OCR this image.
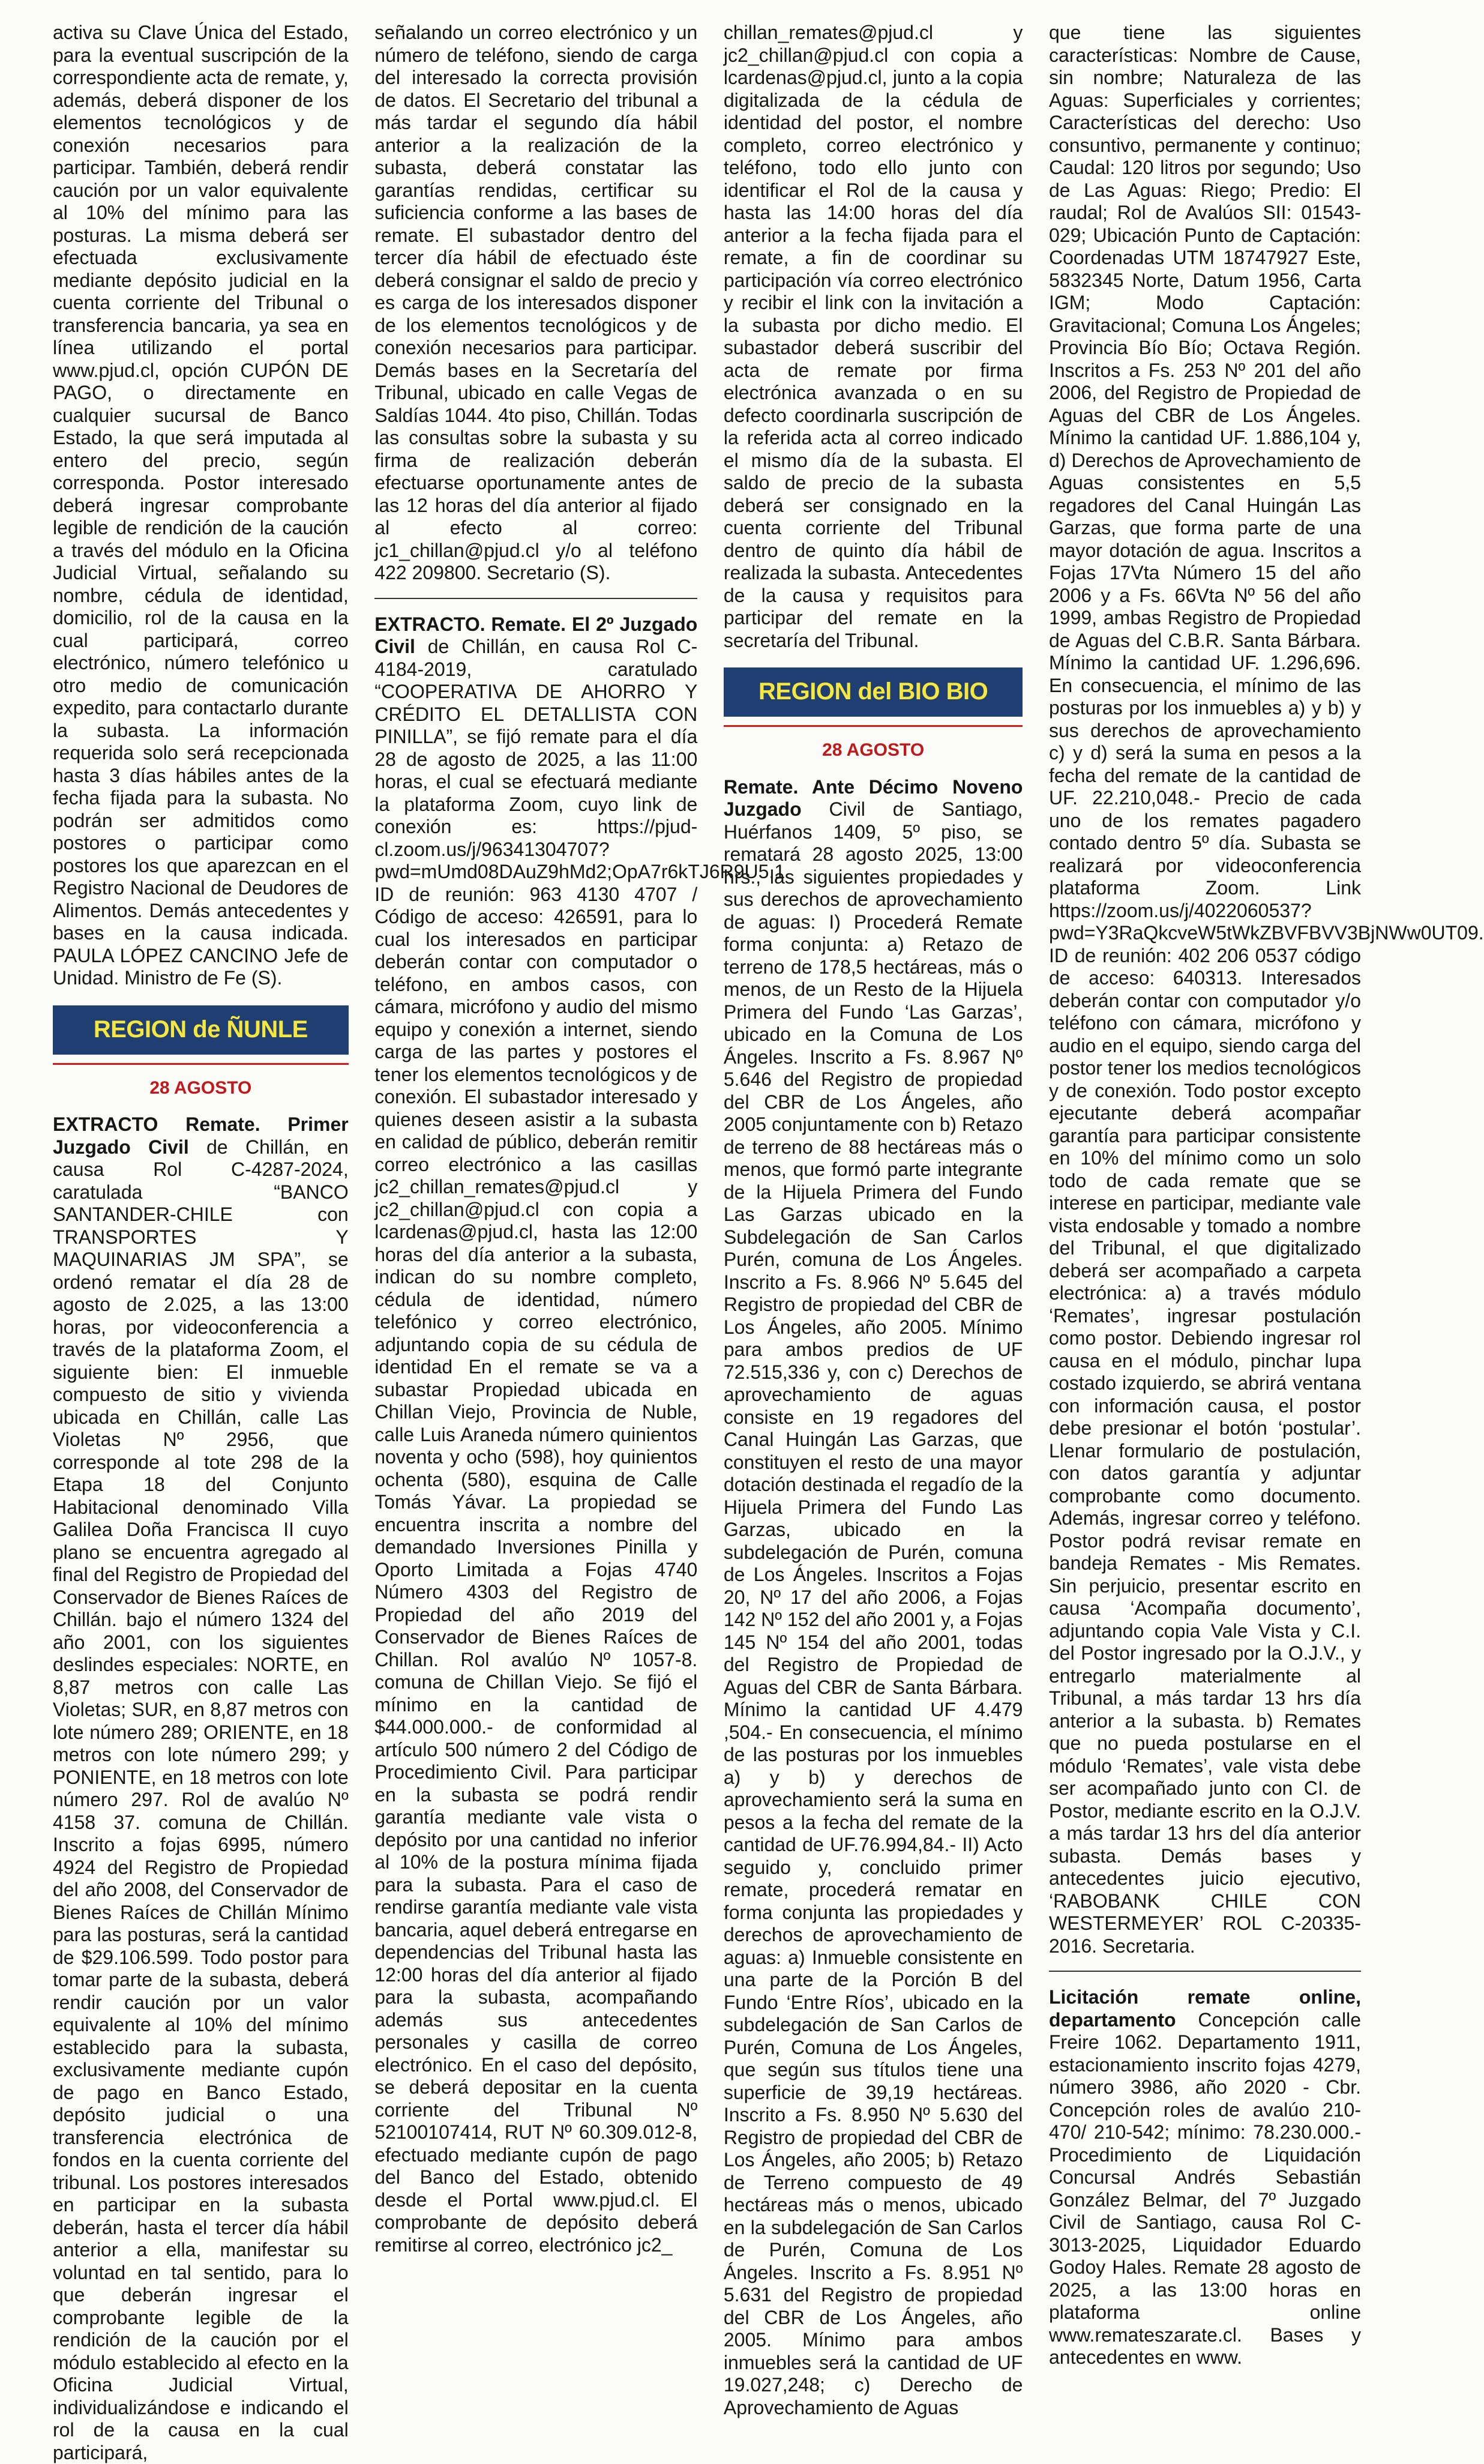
activa su Clave Única del Estado, para la eventual suscripción de la correspondiente acta de remate, y, además, deberá disponer de los elementos tecnológicos y de conexión necesarios para participar. También, deberá rendir caución por un valor equivalente al 10% del mínimo para las posturas. La misma deberá ser efectuada exclusivamente mediante depósito judicial en la cuenta corriente del Tribunal o transferencia bancaria, ya sea en línea utilizando el portal www.pjud.cl, opción CUPÓN DE PAGO, o directamente en cualquier sucursal de Banco Estado, la que será imputada al entero del precio, según corresponda. Postor interesado deberá ingresar comprobante legible de rendición de la caución a través del módulo en la Oficina Judicial Virtual, señalando su nombre, cédula de identidad, domicilio, rol de la causa en la cual participará, correo electrónico, número telefónico u otro medio de comunicación expedito, para contactarlo durante la subasta. La información requerida solo será recepcionada hasta 3 días hábiles antes de la fecha fijada para la subasta. No podrán ser admitidos como postores o participar como postores los que aparezcan en el Registro Nacional de Deudores de Alimentos. Demás antecedentes y bases en la causa indicada. PAULA LÓPEZ CANCINO Jefe de Unidad. Ministro de Fe (S).

REGION de ÑUNLE
28 AGOSTO

EXTRACTO Remate. Primer Juzgado Civil de Chillán, en causa Rol C-4287-2024, caratulada “BANCO SANTANDER-CHILE con TRANSPORTES Y MAQUINARIAS JM SPA”, se ordenó rematar el día 28 de agosto de 2.025, a las 13:00 horas, por videoconferencia a través de la plataforma Zoom, el siguiente bien: El inmueble compuesto de sitio y vivienda ubicada en Chillán, calle Las Violetas Nº 2956, que corresponde al tote 298 de la Etapa 18 del Conjunto Habitacional denominado Villa Galilea Doña Francisca II cuyo plano se encuentra agregado al final del Registro de Propiedad del Conservador de Bienes Raíces de Chillán. bajo el número 1324 del año 2001, con los siguientes deslindes especiales: NORTE, en 8,87 metros con calle Las Violetas; SUR, en 8,87 metros con lote número 289; ORIENTE, en 18 metros con lote número 299; y PONIENTE, en 18 metros con lote número 297. Rol de avalúo Nº 4158 37. comuna de Chillán. Inscrito a fojas 6995, número 4924 del Registro de Propiedad del año 2008, del Conservador de Bienes Raíces de Chillán Mínimo para las posturas, será la cantidad de $29.106.599. Todo postor para tomar parte de la subasta, deberá rendir caución por un valor equivalente al 10% del mínimo establecido para la subasta, exclusivamente mediante cupón de pago en Banco Estado, depósito judicial o una transferencia electrónica de fondos en la cuenta corriente del tribunal. Los postores interesados en participar en la subasta deberán, hasta el tercer día hábil anterior a ella, manifestar su voluntad en tal sentido, para lo que deberán ingresar el comprobante legible de la rendición de la caución por el módulo establecido al efecto en la Oficina Judicial Virtual, individualizándose e indicando el rol de la causa en la cual participará,

señalando un correo electrónico y un número de teléfono, siendo de carga del interesado la correcta provisión de datos. El Secretario del tribunal a más tardar el segundo día hábil anterior a la realización de la subasta, deberá constatar las garantías rendidas, certificar su suficiencia conforme a las bases de remate. El subastador dentro del tercer día hábil de efectuado éste deberá consignar el saldo de precio y es carga de los interesados disponer de los elementos tecnológicos y de conexión necesarios para participar. Demás bases en la Secretaría del Tribunal, ubicado en calle Vegas de Saldías 1044. 4to piso, Chillán. Todas las consultas sobre la subasta y su firma de realización deberán efectuarse oportunamente antes de las 12 horas del día anterior al fijado al efecto al correo: jc1_chillan@pjud.cl y/o al teléfono 422 209800. Secretario (S).

EXTRACTO. Remate. El 2º Juzgado Civil de Chillán, en causa Rol C-4184-2019, caratulado “COOPERATIVA DE AHORRO Y CRÉDITO EL DETALLISTA CON PINILLA”, se fijó remate para el día 28 de agosto de 2025, a las 11:00 horas, el cual se efectuará mediante la plataforma Zoom, cuyo link de conexión es: https://pjud-cl.zoom.us/j/96341304707?pwd=mUmd08DAuZ9hMd2;OpA7r6kTJ6R9U5.1 ID de reunión: 963 4130 4707 / Código de acceso: 426591, para lo cual los interesados en participar deberán contar con computador o teléfono, en ambos casos, con cámara, micrófono y audio del mismo equipo y conexión a internet, siendo carga de las partes y postores el tener los elementos tecnológicos y de conexión. El subastador interesado y quienes deseen asistir a la subasta en calidad de público, deberán remitir correo electrónico a las casillas jc2_chillan_remates@pjud.cl y jc2_chillan@pjud.cl con copia a lcardenas@pjud.cl, hasta las 12:00 horas del día anterior a la subasta, indican do su nombre completo, cédula de identidad, número telefónico y correo electrónico, adjuntando copia de su cédula de identidad En el remate se va a subastar Propiedad ubicada en Chillan Viejo, Provincia de Nuble, calle Luis Araneda número quinientos noventa y ocho (598), hoy quinientos ochenta (580), esquina de Calle Tomás Yávar. La propiedad se encuentra inscrita a nombre del demandado Inversiones Pinilla y Oporto Limitada a Fojas 4740 Número 4303 del Registro de Propiedad del año 2019 del Conservador de Bienes Raíces de Chillan. Rol avalúo Nº 1057-8. comuna de Chillan Viejo. Se fijó el mínimo en la cantidad de $44.000.000.- de conformidad al artículo 500 número 2 del Código de Procedimiento Civil. Para participar en la subasta se podrá rendir garantía mediante vale vista o depósito por una cantidad no inferior al 10% de la postura mínima fijada para la subasta. Para el caso de rendirse garantía mediante vale vista bancaria, aquel deberá entregarse en dependencias del Tribunal hasta las 12:00 horas del día anterior al fijado para la subasta, acompañando además sus antecedentes personales y casilla de correo electrónico. En el caso del depósito, se deberá depositar en la cuenta corriente del Tribunal Nº 52100107414, RUT Nº 60.309.012-8, efectuado mediante cupón de pago del Banco del Estado, obtenido desde el Portal www.pjud.cl. El comprobante de depósito deberá remitirse al correo, electrónico jc2_

chillan_remates@pjud.cl y jc2_chillan@pjud.cl con copia a lcardenas@pjud.cl, junto a la copia digitalizada de la cédula de identidad del postor, el nombre completo, correo electrónico y teléfono, todo ello junto con identificar el Rol de la causa y hasta las 14:00 horas del día anterior a la fecha fijada para el remate, a fin de coordinar su participación vía correo electrónico y recibir el link con la invitación a la subasta por dicho medio. El subastador deberá suscribir del acta de remate por firma electrónica avanzada o en su defecto coordinarla suscripción de la referida acta al correo indicado el mismo día de la subasta. El saldo de precio de la subasta deberá ser consignado en la cuenta corriente del Tribunal dentro de quinto día hábil de realizada la subasta. Antecedentes de la causa y requisitos para participar del remate en la secretaría del Tribunal.

REGION del BIO BIO
28 AGOSTO

Remate. Ante Décimo Noveno Juzgado Civil de Santiago, Huérfanos 1409, 5º piso, se rematará 28 agosto 2025, 13:00 hrs., las siguientes propiedades y sus derechos de aprovechamiento de aguas: I) Procederá Remate forma conjunta: a) Retazo de terreno de 178,5 hectáreas, más o menos, de un Resto de la Hijuela Primera del Fundo ‘Las Garzas’, ubicado en la Comuna de Los Ángeles. Inscrito a Fs. 8.967 Nº 5.646 del Registro de propiedad del CBR de Los Ángeles, año 2005 conjuntamente con b) Retazo de terreno de 88 hectáreas más o menos, que formó parte integrante de la Hijuela Primera del Fundo Las Garzas ubicado en la Subdelegación de San Carlos Purén, comuna de Los Ángeles. Inscrito a Fs. 8.966 Nº 5.645 del Registro de propiedad del CBR de Los Ángeles, año 2005. Mínimo para ambos predios de UF 72.515,336 y, con c) Derechos de aprovechamiento de aguas consiste en 19 regadores del Canal Huingán Las Garzas, que constituyen el resto de una mayor dotación destinada el regadío de la Hijuela Primera del Fundo Las Garzas, ubicado en la subdelegación de Purén, comuna de Los Ángeles. Inscritos a Fojas 20, Nº 17 del año 2006, a Fojas 142 Nº 152 del año 2001 y, a Fojas 145 Nº 154 del año 2001, todas del Registro de Propiedad de Aguas del CBR de Santa Bárbara. Mínimo la cantidad UF 4.479 ,504.- En consecuencia, el mínimo de las posturas por los inmuebles a) y b) y derechos de aprovechamiento será la suma en pesos a la fecha del remate de la cantidad de UF.76.994,84.- II) Acto seguido y, concluido primer remate, procederá rematar en forma conjunta las propiedades y derechos de aprovechamiento de aguas: a) Inmueble consistente en una parte de la Porción B del Fundo ‘Entre Ríos’, ubicado en la subdelegación de San Carlos de Purén, Comuna de Los Ángeles, que según sus títulos tiene una superficie de 39,19 hectáreas. Inscrito a Fs. 8.950 Nº 5.630 del Registro de propiedad del CBR de Los Ángeles, año 2005; b) Retazo de Terreno compuesto de 49 hectáreas más o menos, ubicado en la subdelegación de San Carlos de Purén, Comuna de Los Ángeles. Inscrito a Fs. 8.951 Nº 5.631 del Registro de propiedad del CBR de Los Ángeles, año 2005. Mínimo para ambos inmuebles será la cantidad de UF 19.027,248; c) Derecho de Aprovechamiento de Aguas

que tiene las siguientes características: Nombre de Cause, sin nombre; Naturaleza de las Aguas: Superficiales y corrientes; Características del derecho: Uso consuntivo, permanente y continuo; Caudal: 120 litros por segundo; Uso de Las Aguas: Riego; Predio: El raudal; Rol de Avalúos SII: 01543-029; Ubicación Punto de Captación: Coordenadas UTM 18747927 Este, 5832345 Norte, Datum 1956, Carta IGM; Modo Captación: Gravitacional; Comuna Los Ángeles; Provincia Bío Bío; Octava Región. Inscritos a Fs. 253 Nº 201 del año 2006, del Registro de Propiedad de Aguas del CBR de Los Ángeles. Mínimo la cantidad UF. 1.886,104 y, d) Derechos de Aprovechamiento de Aguas consistentes en 5,5 regadores del Canal Huingán Las Garzas, que forma parte de una mayor dotación de agua. Inscritos a Fojas 17Vta Número 15 del año 2006 y a Fs. 66Vta Nº 56 del año 1999, ambas Registro de Propiedad de Aguas del C.B.R. Santa Bárbara. Mínimo la cantidad UF. 1.296,696. En consecuencia, el mínimo de las posturas por los inmuebles a) y b) y sus derechos de aprovechamiento c) y d) será la suma en pesos a la fecha del remate de la cantidad de UF. 22.210,048.- Precio de cada uno de los remates pagadero contado dentro 5º día. Subasta se realizará por videoconferencia plataforma Zoom. Link https://zoom.us/j/4022060537?pwd=Y3RaQkcveW5tWkZBVFBVV3BjNWw0UT09. ID de reunión: 402 206 0537 código de acceso: 640313. Interesados deberán contar con computador y/o teléfono con cámara, micrófono y audio en el equipo, siendo carga del postor tener los medios tecnológicos y de conexión. Todo postor excepto ejecutante deberá acompañar garantía para participar consistente en 10% del mínimo como un solo todo de cada remate que se interese en participar, mediante vale vista endosable y tomado a nombre del Tribunal, el que digitalizado deberá ser acompañado a carpeta electrónica: a) a través módulo ‘Remates’, ingresar postulación como postor. Debiendo ingresar rol causa en el módulo, pinchar lupa costado izquierdo, se abrirá ventana con información causa, el postor debe presionar el botón ‘postular’. Llenar formulario de postulación, con datos garantía y adjuntar comprobante como documento. Además, ingresar correo y teléfono. Postor podrá revisar remate en bandeja Remates - Mis Remates. Sin perjuicio, presentar escrito en causa ‘Acompaña documento’, adjuntando copia Vale Vista y C.I. del Postor ingresado por la O.J.V., y entregarlo materialmente al Tribunal, a más tardar 13 hrs día anterior a la subasta. b) Remates que no pueda postularse en el módulo ‘Remates’, vale vista debe ser acompañado junto con CI. de Postor, mediante escrito en la O.J.V. a más tardar 13 hrs del día anterior subasta. Demás bases y antecedentes juicio ejecutivo, ‘RABOBANK CHILE CON WESTERMEYER’ ROL C-20335-2016. Secretaria.

Licitación remate online, departamento Concepción calle Freire 1062. Departamento 1911, estacionamiento inscrito fojas 4279, número 3986, año 2020 - Cbr. Concepción roles de avalúo 210-470/ 210-542; mínimo: 78.230.000.- Procedimiento de Liquidación Concursal Andrés Sebastián González Belmar, del 7º Juzgado Civil de Santiago, causa Rol C-3013-2025, Liquidador Eduardo Godoy Hales. Remate 28 agosto de 2025, a las 13:00 horas en plataforma online www.remateszarate.cl. Bases y antecedentes en www.
